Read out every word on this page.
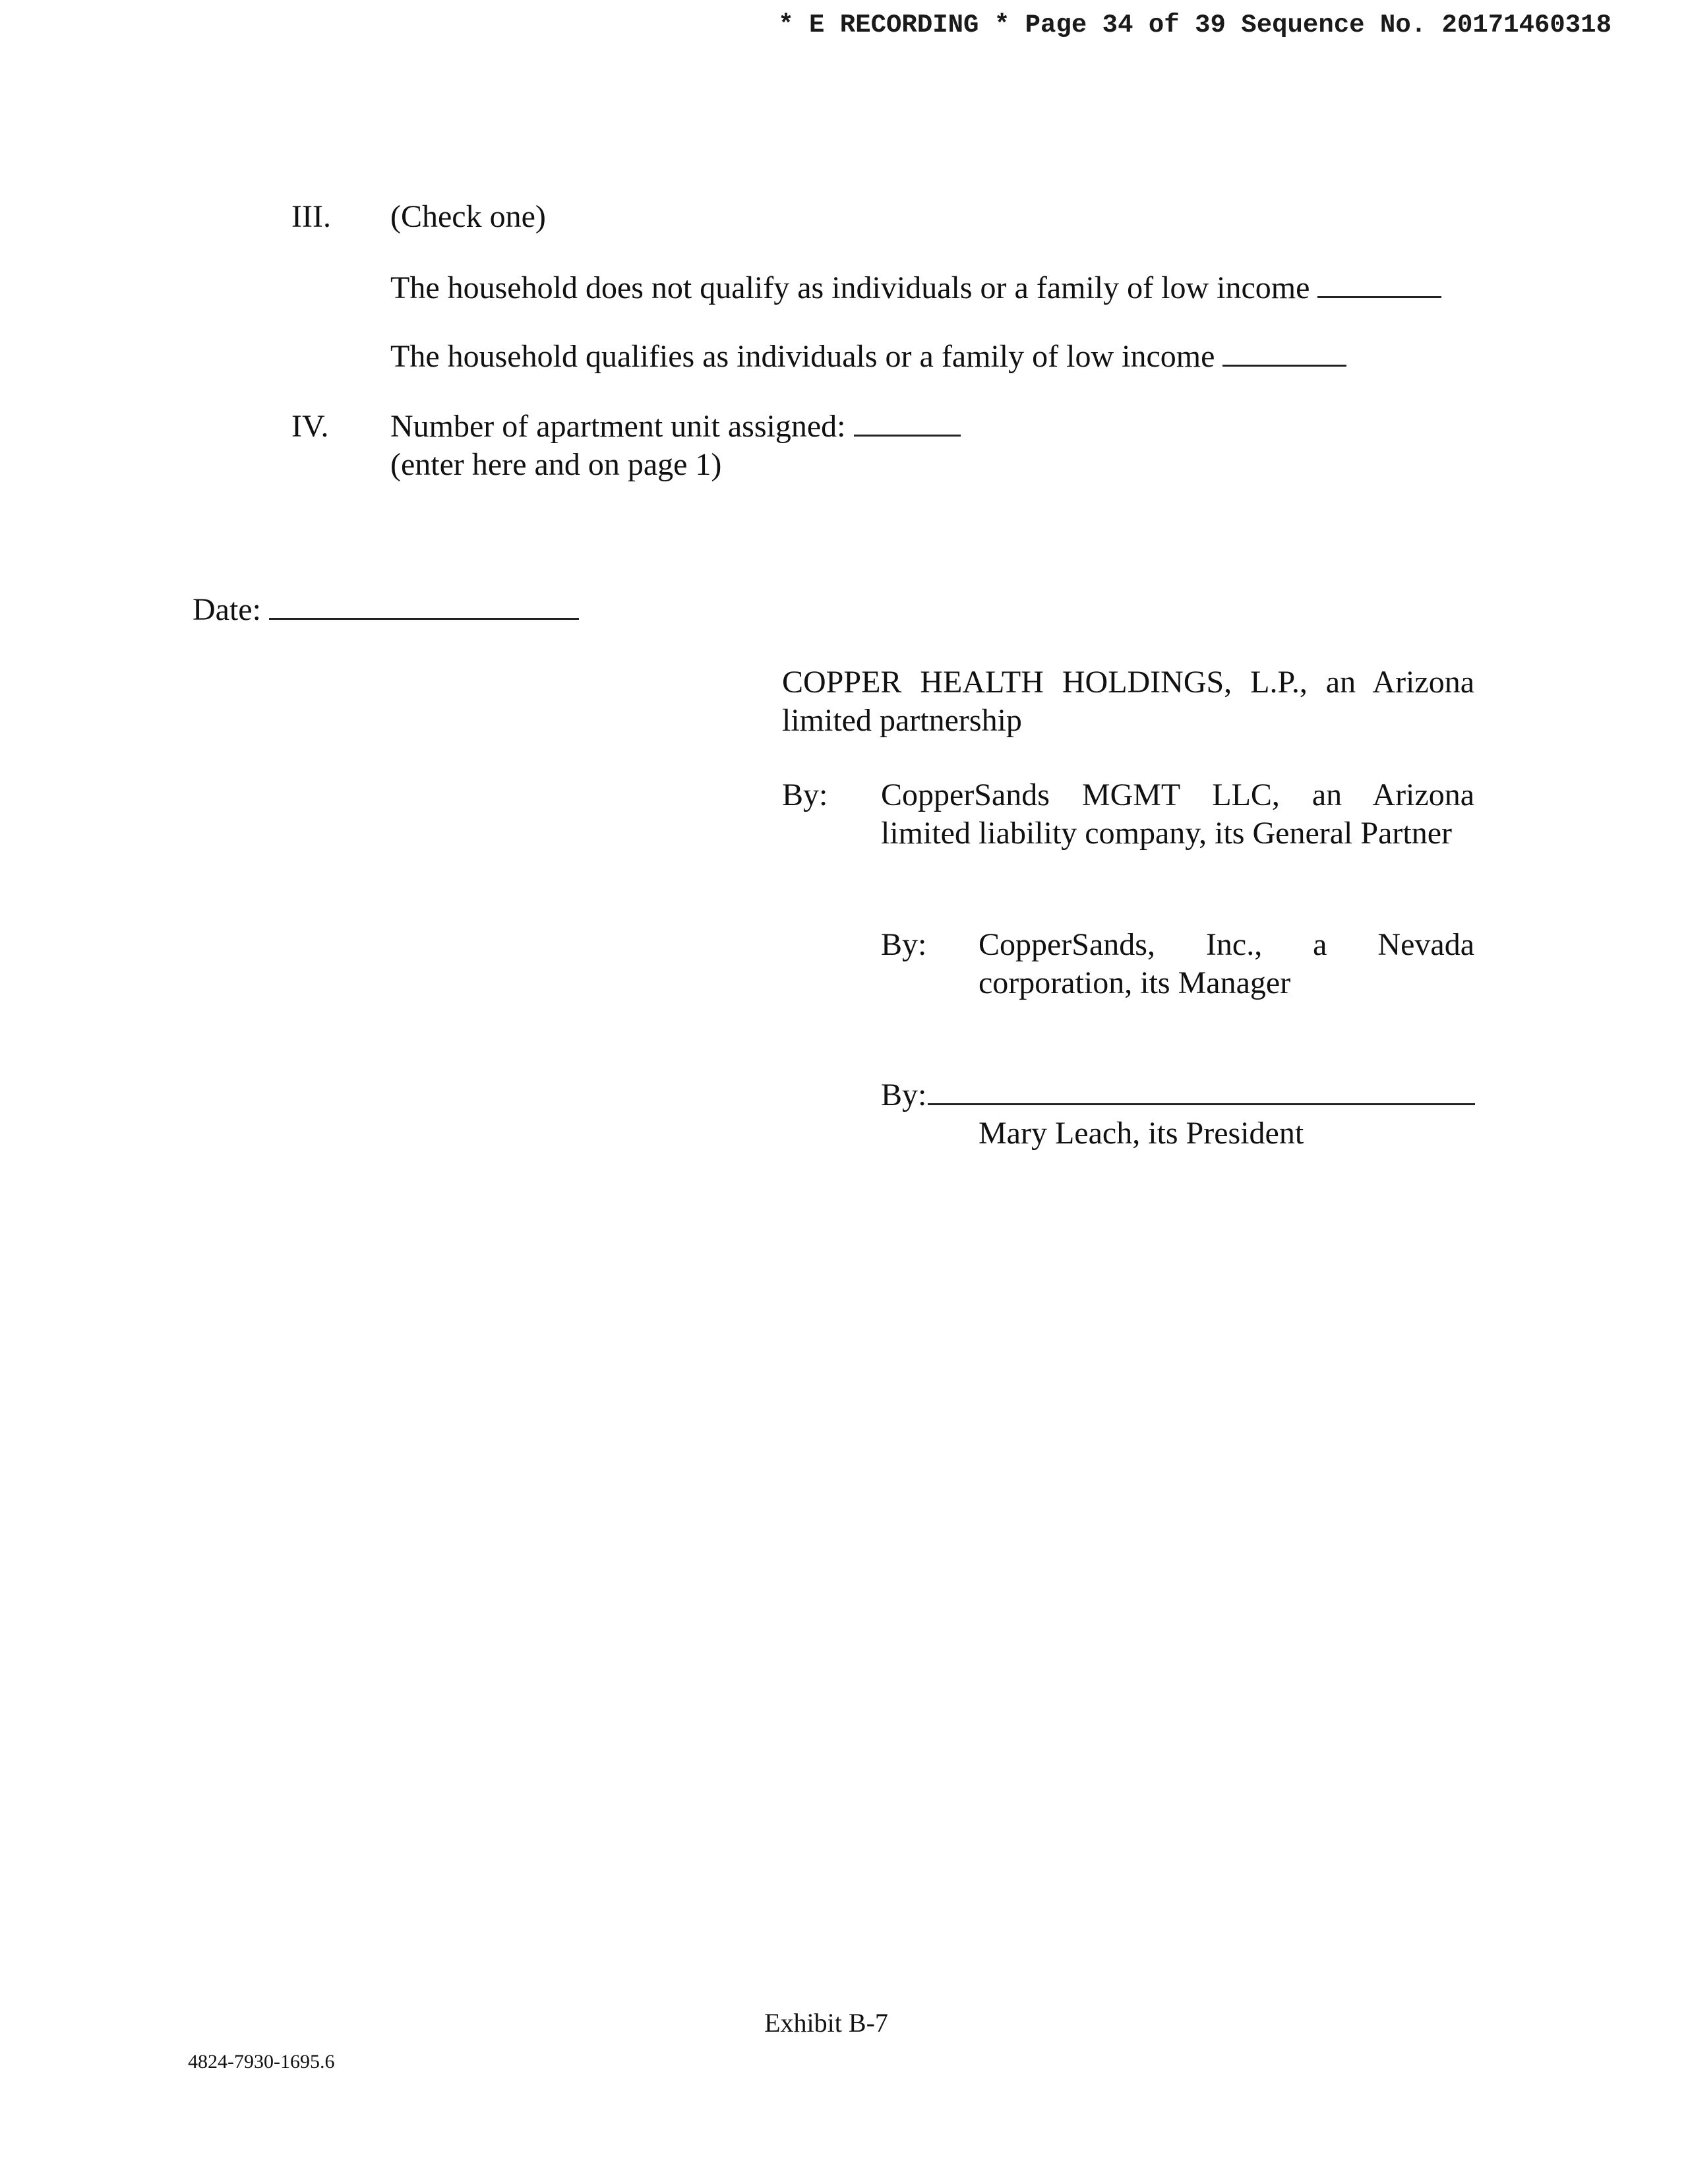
* E RECORDING * Page 34 of 39 Sequence No. 20171460318
III. (Check one)
The household does not qualify as individuals or a family of low income
The household qualifies as individuals or a family of low income
IV. Number of apartment unit assigned:
(enter here and on page 1)
Date:
COPPER HEALTH HOLDINGS, L.P., an Arizona
limited partnership
By: CopperSands MGMT LLC, an Arizona limited liability company, its General Partner
By: CopperSands, Inc., a Nevada corporation, its Manager
By:
Mary Leach, its President
Exhibit B-7
4824-7930-1695.6
